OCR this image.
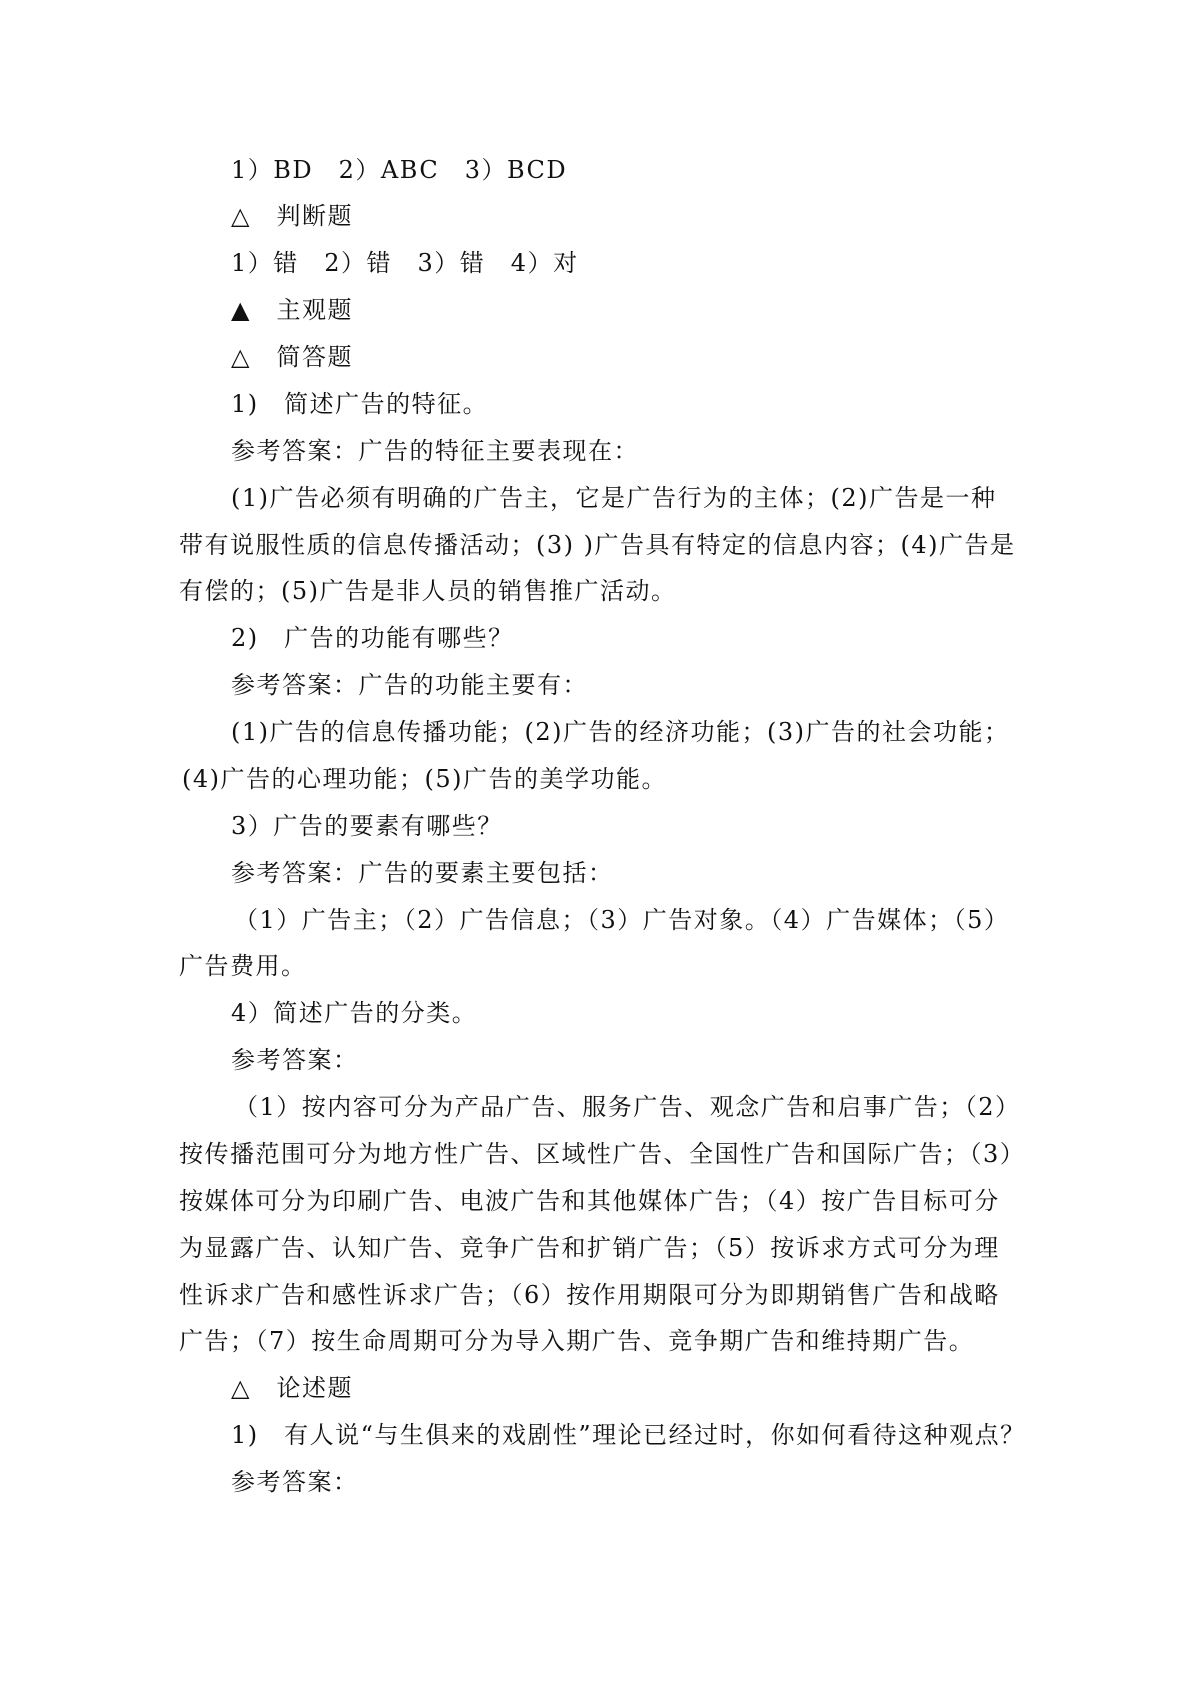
1）BD　2）ABC　3）BCD
△　判断题
1）错　2）错　3）错　4）对
▲　主观题
△　简答题
1)　简述广告的特征。
参考答案：广告的特征主要表现在：
(1)广告必须有明确的广告主，它是广告行为的主体；(2)广告是一种
带有说服性质的信息传播活动；(3) )广告具有特定的信息内容；(4)广告是
有偿的；(5)广告是非人员的销售推广活动。
2)　广告的功能有哪些？
参考答案：广告的功能主要有：
(1)广告的信息传播功能；(2)广告的经济功能；(3)广告的社会功能；
(4)广告的心理功能；(5)广告的美学功能。
3）广告的要素有哪些？
参考答案：广告的要素主要包括：
（1）广告主；（2）广告信息；（3）广告对象。（4）广告媒体；（5）
广告费用。
4）简述广告的分类。
参考答案：
（1）按内容可分为产品广告、服务广告、观念广告和启事广告；（2）
按传播范围可分为地方性广告、区域性广告、全国性广告和国际广告；（3）
按媒体可分为印刷广告、电波广告和其他媒体广告；（4）按广告目标可分
为显露广告、认知广告、竞争广告和扩销广告；（5）按诉求方式可分为理
性诉求广告和感性诉求广告；（6）按作用期限可分为即期销售广告和战略
广告；（7）按生命周期可分为导入期广告、竞争期广告和维持期广告。
△　论述题
1)　有人说“与生俱来的戏剧性”理论已经过时，你如何看待这种观点？
参考答案：
